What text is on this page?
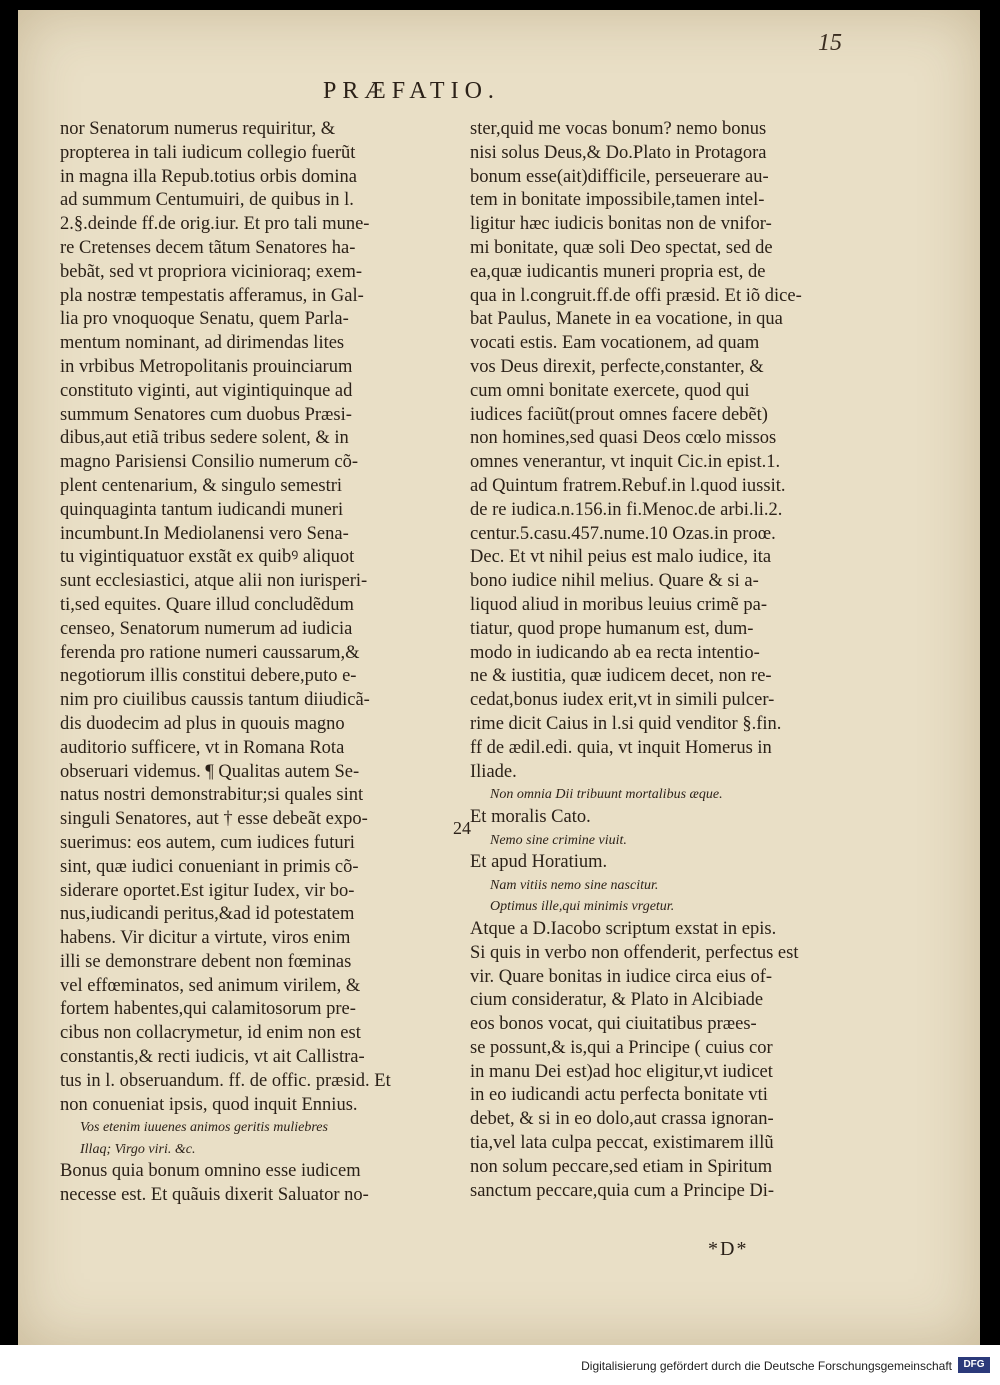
15
PRÆFATIO.
nor Senatorum numerus requiritur, &
propterea in tali iudicum collegio fuerũt
in magna illa Repub.totius orbis domina
ad summum Centumuiri, de quibus in l.
2.§.deinde ff.de orig.iur. Et pro tali mune-
re Cretenses decem tãtum Senatores ha-
bebãt, sed vt propriora vicinioraq; exem-
pla nostræ tempestatis afferamus, in Gal-
lia pro vnoquoque Senatu, quem Parla-
mentum nominant, ad dirimendas lites
in vrbibus Metropolitanis prouinciarum
constituto viginti, aut vigintiquinque ad
summum Senatores cum duobus Præsi-
dibus,aut etiã tribus sedere solent, & in
magno Parisiensi Consilio numerum cõ-
plent centenarium, & singulo semestri
quinquaginta tantum iudicandi muneri
incumbunt.In Mediolanensi vero Sena-
tu vigintiquatuor exstãt ex quibꝰ aliquot
sunt ecclesiastici, atque alii non iurisperi-
ti,sed equites. Quare illud concludẽdum
censeo, Senatorum numerum ad iudicia
ferenda pro ratione numeri caussarum,&
negotiorum illis constitui debere,puto e-
nim pro ciuilibus caussis tantum diiudicã-
dis duodecim ad plus in quouis magno
auditorio sufficere, vt in Romana Rota
obseruari videmus. ¶ Qualitas autem Se-
natus nostri demonstrabitur;si quales sint
singuli Senatores, aut † esse debeãt expo-
suerimus: eos autem, cum iudices futuri
sint, quæ iudici conueniant in primis cõ-
siderare oportet.Est igitur Iudex, vir bo-
nus,iudicandi peritus,&ad id potestatem
habens. Vir dicitur a virtute, viros enim
illi se demonstrare debent non fœminas
vel effœminatos, sed animum virilem, &
fortem habentes,qui calamitosorum pre-
cibus non collacrymetur, id enim non est
constantis,& recti iudicis, vt ait Callistra-
tus in l. obseruandum. ff. de offic. præsid. Et
non conueniat ipsis, quod inquit Ennius.
Vos etenim iuuenes animos geritis muliebres
Illaq; Virgo viri. &c.
Bonus quia bonum omnino esse iudicem
necesse est. Et quãuis dixerit Saluator no-
ster,quid me vocas bonum? nemo bonus
nisi solus Deus,& Do.Plato in Protagora
bonum esse(ait)difficile, perseuerare au-
tem in bonitate impossibile,tamen intel-
ligitur hæc iudicis bonitas non de vnifor-
mi bonitate, quæ soli Deo spectat, sed de
ea,quæ iudicantis muneri propria est, de
qua in l.congruit.ff.de offi præsid. Et iõ dice-
bat Paulus, Manete in ea vocatione, in qua
vocati estis. Eam vocationem, ad quam
vos Deus direxit, perfecte,constanter, &
cum omni bonitate exercete, quod qui
iudices faciũt(prout omnes facere debẽt)
non homines,sed quasi Deos cœlo missos
omnes venerantur, vt inquit Cic.in epist.1.
ad Quintum fratrem.Rebuf.in l.quod iussit.
de re iudica.n.156.in fi.Menoc.de arbi.li.2.
centur.5.casu.457.nume.10 Ozas.in proœ.
Dec. Et vt nihil peius est malo iudice, ita
bono iudice nihil melius. Quare & si a-
liquod aliud in moribus leuius crimẽ pa-
tiatur, quod prope humanum est, dum-
modo in iudicando ab ea recta intentio-
ne & iustitia, quæ iudicem decet, non re-
cedat,bonus iudex erit,vt in simili pulcer-
rime dicit Caius in l.si quid venditor §.fin.
ff de ædil.edi. quia, vt inquit Homerus in
Iliade.
Non omnia Dii tribuunt mortalibus æque.
Et moralis Cato.
Nemo sine crimine viuit.
Et apud Horatium.
Nam vitiis nemo sine nascitur.
Optimus ille,qui minimis vrgetur.
Atque a D.Iacobo scriptum exstat in epis.
Si quis in verbo non offenderit, perfectus est
vir. Quare bonitas in iudice circa eius of-
cium consideratur, & Plato in Alcibiade
eos bonos vocat, qui ciuitatibus præes-
se possunt,& is,qui a Principe ( cuius cor
in manu Dei est)ad hoc eligitur,vt iudicet
in eo iudicandi actu perfecta bonitate vti
debet, & si in eo dolo,aut crassa ignoran-
tia,vel lata culpa peccat, existimarem illũ
non solum peccare,sed etiam in Spiritum
sanctum peccare,quia cum a Principe Di-
24
*D*
Digitalisierung gefördert durch die Deutsche Forschungsgemeinschaft	DFG
